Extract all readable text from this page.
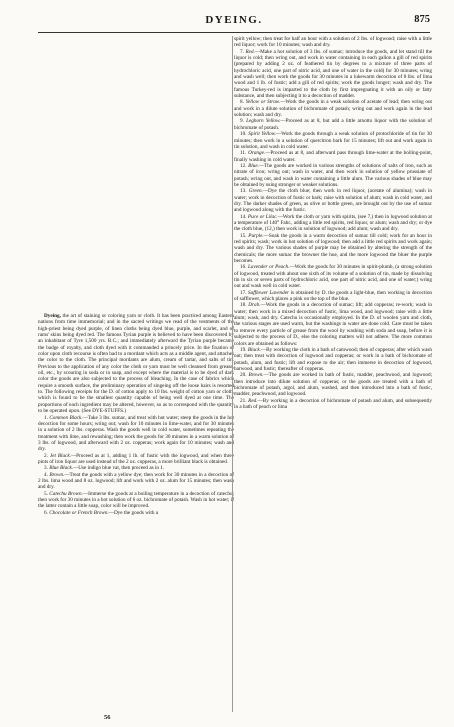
DYEING.	875

Dyeing, the art of staining or coloring yarn or cloth. It has been practiced among Eastern nations from time immemorial; and in the sacred writings we read of the vestments of the high-priest being dyed purple, of linen cloths being dyed blue, purple, and scarlet, and of rams' skins being dyed red. The famous Tyrian purple is believed to have been discovered by an inhabitant of Tyre 1,500 yrs. B.C.; and immediately afterward the Tyrian purple became the badge of royalty, and cloth dyed with it commanded a princely price. In the fixation of color upon cloth recourse is often had to a mordant which acts as a middle agent, and attaches the color to the cloth. The principal mordants are alum, cream of tartar, and salts of tin. Previous to the application of any color the cloth or yarn must be well cleansed from grease, oil, etc., by scouring in soda or in soap, and except where the material is to be dyed of dark color the goods are also subjected to the process of bleaching. In the case of fabrics which require a smooth surface, the preliminary operation of singeing off the loose hairs is resorted to. The following receipts for the D. of cotton apply to 10 lbs. weight of cotton yarn or cloth, which is found to be the smallest quantity capable of being well dyed at one time. The proportions of each ingredient may be altered, however, so as to correspond with the quantity to be operated upon. (See DYE-STUFFS.)

1. Common Black.—Take 3 lbs. sumac, and treat with hot water; steep the goods in the hot decoction for some hours; wring out; wash for 10 minutes in lime-water, and for 30 minutes in a solution of 2 lbs. copperas. Wash the goods well in cold water, sometimes repeating the treatment with lime, and rewashing; then work the goods for 30 minutes in a warm solution of 3 lbs. of logwood, and afterward with 2 oz. copperas; work again for 10 minutes; wash and dry.

2. Jet Black.—Proceed as at 1, adding 1 lb. of fustic with the logwood, and when three pints of iron liquor are used instead of the 2 oz. copperas, a more brilliant black is obtained.

3. Blue Black.—Use indigo blue vat, then proceed as in 1.

4. Brown.—Treat the goods with a yellow dye; then work for 30 minutes in a decoction of 2 lbs. lima wood and 8 oz. logwood; lift and work with 2 oz. alum for 15 minutes; then wash and dry.

5. Catechu Brown.—Immerse the goods at a boiling temperature in a decoction of catechu; then work for 30 minutes in a hot solution of 6 oz. bichromate of potash. Wash in hot water; if the latter contain a little soap, color will be improved.

6. Chocolate or French Brown.—Dye the goods with a

spirit yellow; then treat for half an hour with a solution of 2 lbs. of logwood; raise with a little red liquor; work for 10 minutes; wash and dry.

7. Red.—Make a hot solution of 3 lbs. of sumac; introduce the goods, and let stand till the liquor is cold; then wring out, and work in water containing in each gallon a gill of red spirits (prepared by adding 2 oz. of feathered tin by degrees to a mixture of three parts of hydrochloric acid, one part of nitric acid, and one of water in the cold) for 30 minutes; wring and wash well; then work the goods for 30 minutes in a lukewarm decoction of 8 lbs. of lima wood and 1 lb. of fustic; add a gill of red spirits; work the goods longer; wash and dry. The famous Turkey-red is imparted to the cloth by first impregnating it with an oily or fatty substance, and then subjecting it to a decoction of madder.

8. Yellow or Straw.—Work the goods in a weak solution of acetate of lead; then wring out and work in a dilute solution of bichromate of potash; wring out and work again in the lead solution; wash and dry.

9. Leghorn Yellow.—Proceed as at 8, but add a little arnotto liquor with the solution of bichromate of potash.

10. Spirit Yellow.—Work the goods through a weak solution of protochloride of tin for 30 minutes; then work in a solution of quercitron bark for 15 minutes; lift out and work again in tin solution, and wash in cold water.

11. Orange.—Proceed as at 8, and afterward pass through lime-water at the boiling-point, finally washing in cold water.

12. Blue.—The goods are worked in various strengths of solutions of salts of iron, such as nitrate of iron; wring out; wash in water, and then work in solution of yellow prussiate of potash; wring out, and wash in water containing a little alum. The various shades of blue may be obtained by using stronger or weaker solutions.

13. Green.—Dye the cloth blue; then work in red liquor, (acetate of alumina); wash in water; work in decoction of fustic or bark; raise with solution of alum; wash in cold water, and dry. The darker shades of green, as olive or bottle green, are brought out by the use of sumac and logwood along with the fustic.

14. Puce or Lilac.—Work the cloth or yarn with spirits, (see 7,) then in logwood solution at a temperature of 140° Fahr., adding a little red spirits, red liquor, or alum; wash and dry; or dye the cloth blue, (12,) then work in solution of logwood; add alum; wash and dry.

15. Purple.—Soak the goods in a warm decoction of sumac till cold; work for an hour in red spirits; wash; work in hot solution of logwood; then add a little red spirits and work again; wash and dry. The various shades of purple may be obtained by altering the strength of the chemicals; the more sumac the browner the hue, and the more logwood the bluer the purple becomes.

16. Lavender or Peach.—Work the goods for 30 minutes in spirit-plumb, (a strong solution of logwood, treated with about one sixth of its volume of a solution of tin, made by dissolving tin in six or seven parts of hydrochloric acid, one part of nitric acid, and one of water;) wring out and wash well in cold water.

17. Safflower Lavender is obtained by D. the goods a light-blue, then working in decoction of safflower, which places a pink on the top of the blue.

18. Drab.—Work the goods in a decoction of sumac; lift; add copperas; re-work; wash in water; then work in a mixed decoction of fustic, lima wood, and logwood; raise with a little alum; wash, and dry. Catechu is occasionally employed. In the D. of woolen yarn and cloth, the various stages are used warm, but the washings in water are done cold. Care must be taken to remove every particle of grease from the wool by washing with soda and soap, before it is subjected to the process of D., else the coloring matters will not adhere. The more common colors are obtained as follows:

19. Black.—By working the cloth in a bath of camwood; then of copperas; after which wash out; then treat with decoction of logwood and copperas; or work in a bath of bichromate of potash, alum, and fustic; lift and expose to the air; then immerse in decoction of logwood, barwood, and fustic; thereafter of copperas.

20. Brown.—The goods are worked in bath of fustic, madder, peachwood, and logwood; then introduce into dilute solution of copperas; or the goods are treated with a bath of bichromate of potash, argol, and alum, washed, and then introduced into a bath of fustic, madder, peachwood, and logwood.

21. Red.—By working in a decoction of bichromate of potash and alum, and subsequently in a bath of peach or lima

56
